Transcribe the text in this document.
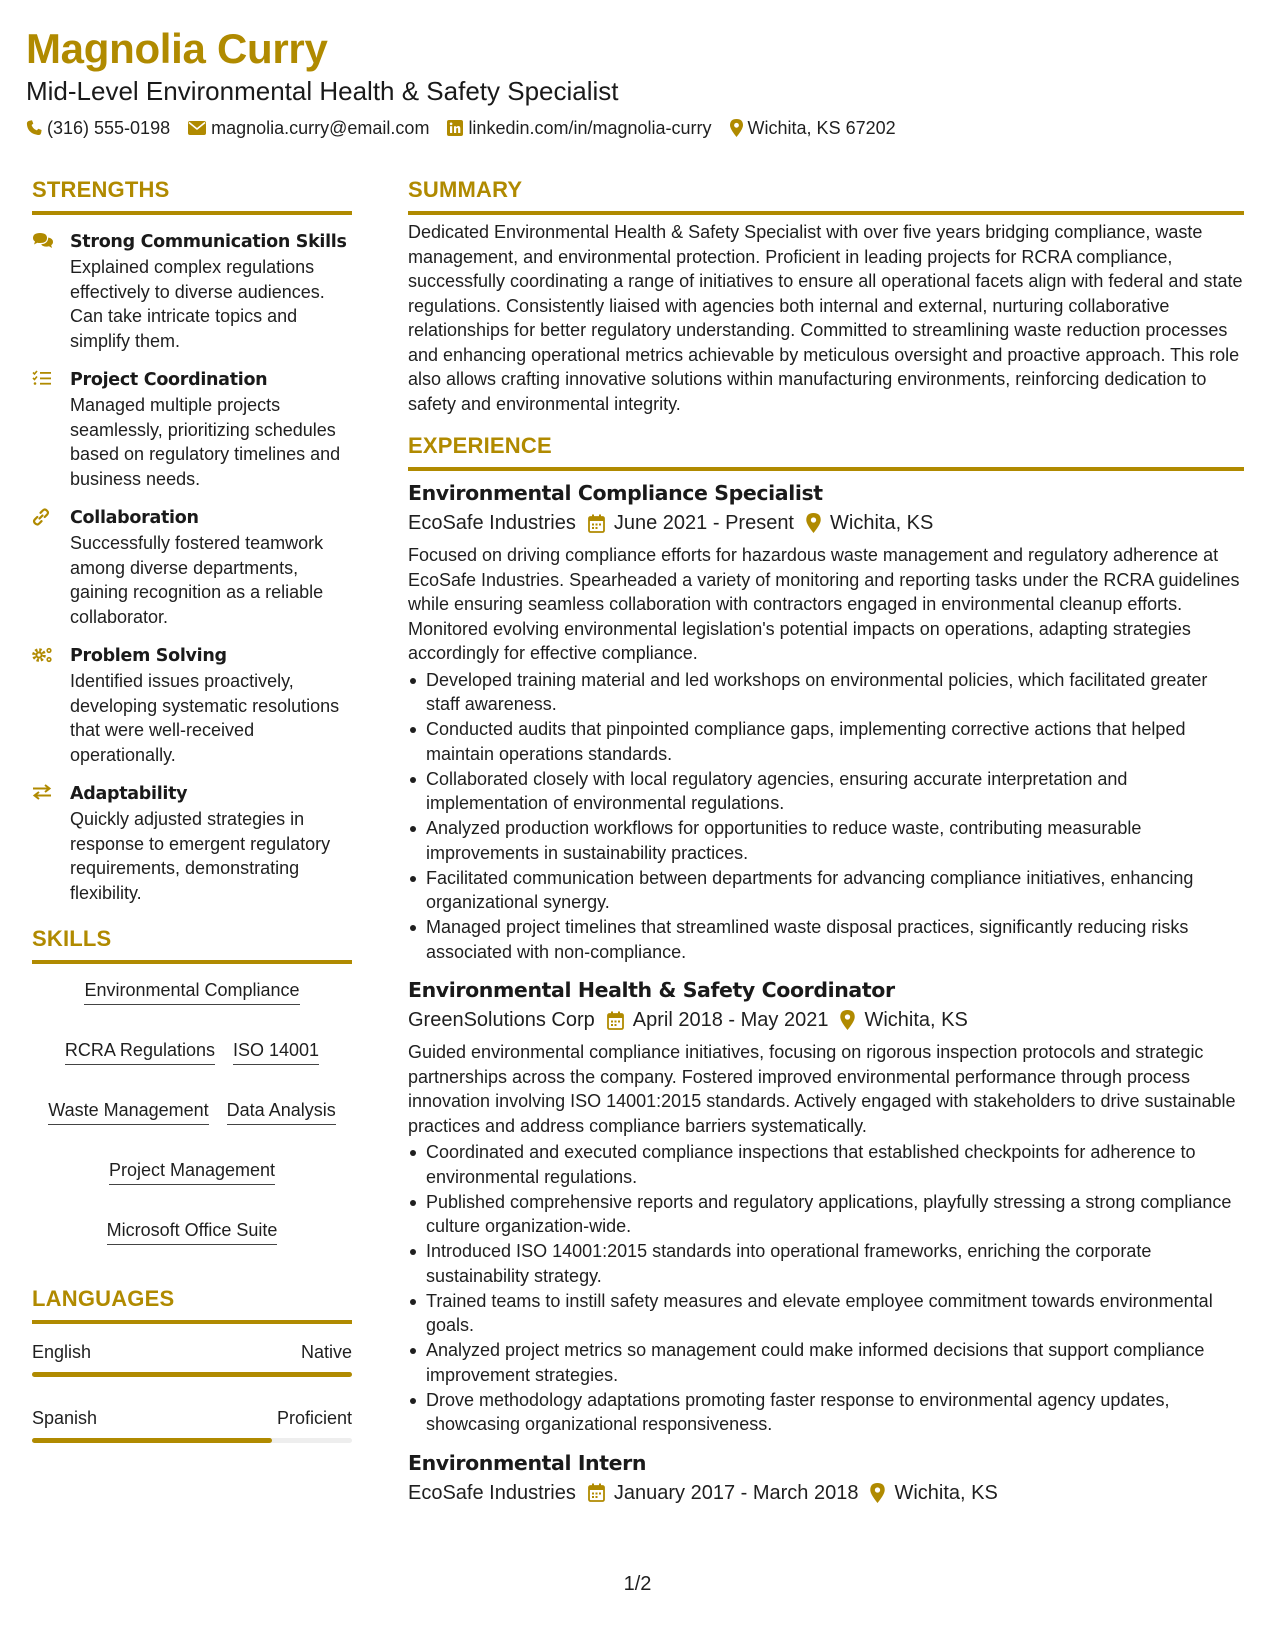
Magnolia Curry
Mid-Level Environmental Health & Safety Specialist
(316) 555-0198 magnolia.curry@email.com linkedin.com/in/magnolia-curry Wichita, KS 67202
STRENGTHS
Strong Communication Skills
Explained complex regulations effectively to diverse audiences. Can take intricate topics and simplify them.
Project Coordination
Managed multiple projects seamlessly, prioritizing schedules based on regulatory timelines and business needs.
Collaboration
Successfully fostered teamwork among diverse departments, gaining recognition as a reliable collaborator.
Problem Solving
Identified issues proactively, developing systematic resolutions that were well-received operationally.
Adaptability
Quickly adjusted strategies in response to emergent regulatory requirements, demonstrating flexibility.
SKILLS
Environmental Compliance
RCRA Regulations ISO 14001
Waste Management Data Analysis
Project Management
Microsoft Office Suite
LANGUAGES
English	Native
Spanish	Proficient
SUMMARY
Dedicated Environmental Health & Safety Specialist with over five years bridging compliance, waste management, and environmental protection. Proficient in leading projects for RCRA compliance, successfully coordinating a range of initiatives to ensure all operational facets align with federal and state regulations. Consistently liaised with agencies both internal and external, nurturing collaborative relationships for better regulatory understanding. Committed to streamlining waste reduction processes and enhancing operational metrics achievable by meticulous oversight and proactive approach. This role also allows crafting innovative solutions within manufacturing environments, reinforcing dedication to safety and environmental integrity.
EXPERIENCE
Environmental Compliance Specialist
EcoSafe Industries June 2021 - Present Wichita, KS
Focused on driving compliance efforts for hazardous waste management and regulatory adherence at EcoSafe Industries. Spearheaded a variety of monitoring and reporting tasks under the RCRA guidelines while ensuring seamless collaboration with contractors engaged in environmental cleanup efforts. Monitored evolving environmental legislation's potential impacts on operations, adapting strategies accordingly for effective compliance.
Developed training material and led workshops on environmental policies, which facilitated greater staff awareness.
Conducted audits that pinpointed compliance gaps, implementing corrective actions that helped maintain operations standards.
Collaborated closely with local regulatory agencies, ensuring accurate interpretation and implementation of environmental regulations.
Analyzed production workflows for opportunities to reduce waste, contributing measurable improvements in sustainability practices.
Facilitated communication between departments for advancing compliance initiatives, enhancing organizational synergy.
Managed project timelines that streamlined waste disposal practices, significantly reducing risks associated with non-compliance.
Environmental Health & Safety Coordinator
GreenSolutions Corp April 2018 - May 2021 Wichita, KS
Guided environmental compliance initiatives, focusing on rigorous inspection protocols and strategic partnerships across the company. Fostered improved environmental performance through process innovation involving ISO 14001:2015 standards. Actively engaged with stakeholders to drive sustainable practices and address compliance barriers systematically.
Coordinated and executed compliance inspections that established checkpoints for adherence to environmental regulations.
Published comprehensive reports and regulatory applications, playfully stressing a strong compliance culture organization-wide.
Introduced ISO 14001:2015 standards into operational frameworks, enriching the corporate sustainability strategy.
Trained teams to instill safety measures and elevate employee commitment towards environmental goals.
Analyzed project metrics so management could make informed decisions that support compliance improvement strategies.
Drove methodology adaptations promoting faster response to environmental agency updates, showcasing organizational responsiveness.
Environmental Intern
EcoSafe Industries January 2017 - March 2018 Wichita, KS
1/2
